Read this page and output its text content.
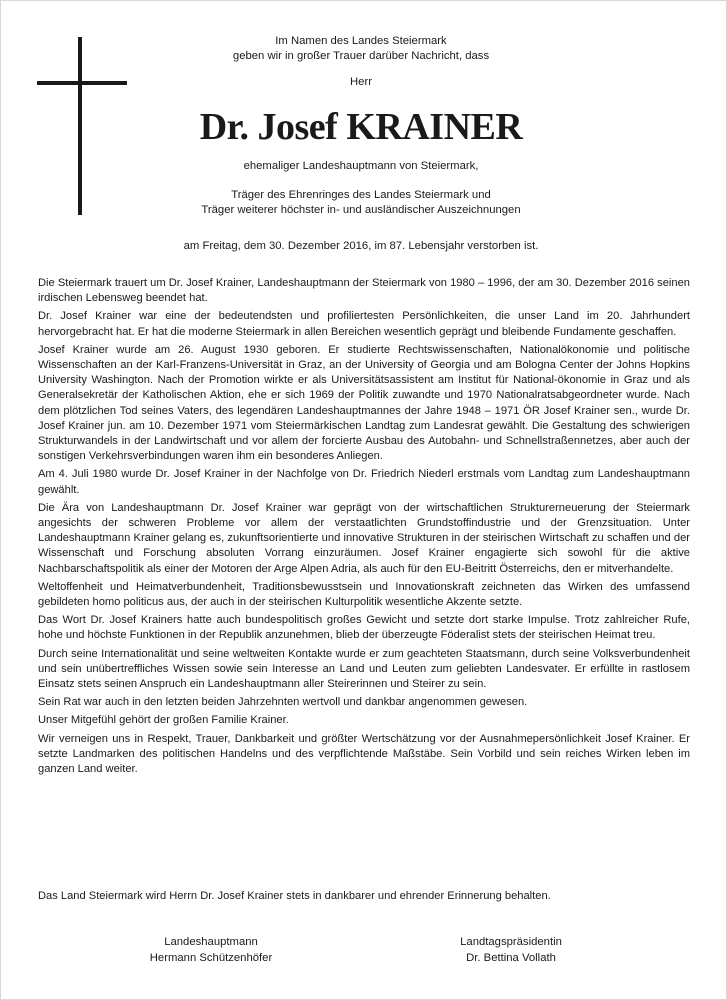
Im Namen des Landes Steiermark
geben wir in großer Trauer darüber Nachricht, dass
Herr
Dr. Josef KRAINER
ehemaliger Landeshauptmann von Steiermark,
Träger des Ehrenringes des Landes Steiermark und
Träger weiterer höchster in- und ausländischer Auszeichnungen
am Freitag, dem 30. Dezember 2016, im 87. Lebensjahr verstorben ist.

Die Steiermark trauert um Dr. Josef Krainer, Landeshauptmann der Steiermark von 1980 – 1996, der am 30. Dezember 2016 seinen irdischen Lebensweg beendet hat.

Dr. Josef Krainer war eine der bedeutendsten und profiliertesten Persönlichkeiten, die unser Land im 20. Jahrhundert hervorgebracht hat. Er hat die moderne Steiermark in allen Bereichen wesentlich geprägt und bleibende Fundamente geschaffen.

Josef Krainer wurde am 26. August 1930 geboren. Er studierte Rechtswissenschaften, Nationalökonomie und politische Wissenschaften an der Karl-Franzens-Universität in Graz, an der University of Georgia und am Bologna Center der Johns Hopkins University Washington. Nach der Promotion wirkte er als Universitätsassistent am Institut für National-ökonomie in Graz und als Generalsekretär der Katholischen Aktion, ehe er sich 1969 der Politik zuwandte und 1970 Nationalratsabgeordneter wurde. Nach dem plötzlichen Tod seines Vaters, des legendären Landeshauptmannes der Jahre 1948 – 1971 ÖR Josef Krainer sen., wurde Dr. Josef Krainer jun. am 10. Dezember 1971 vom Steiermärkischen Landtag zum Landesrat gewählt. Die Gestaltung des schwierigen Strukturwandels in der Landwirtschaft und vor allem der forcierte Ausbau des Autobahn- und Schnellstraßennetzes, aber auch der sonstigen Verkehrsverbindungen waren ihm ein besonderes Anliegen.

Am 4. Juli 1980 wurde Dr. Josef Krainer in der Nachfolge von Dr. Friedrich Niederl erstmals vom Landtag zum Landeshauptmann gewählt.

Die Ära von Landeshauptmann Dr. Josef Krainer war geprägt von der wirtschaftlichen Strukturerneuerung der Steiermark angesichts der schweren Probleme vor allem der verstaatlichten Grundstoffindustrie und der Grenzsituation. Unter Landeshauptmann Krainer gelang es, zukunftsorientierte und innovative Strukturen in der steirischen Wirtschaft zu schaffen und der Wissenschaft und Forschung absoluten Vorrang einzuräumen. Josef Krainer engagierte sich sowohl für die aktive Nachbarschaftspolitik als einer der Motoren der Arge Alpen Adria, als auch für den EU-Beitritt Österreichs, den er mitverhandelte.

Weltoffenheit und Heimatverbundenheit, Traditionsbewusstsein und Innovationskraft zeichneten das Wirken des umfassend gebildeten homo politicus aus, der auch in der steirischen Kulturpolitik wesentliche Akzente setzte.

Das Wort Dr. Josef Krainers hatte auch bundespolitisch großes Gewicht und setzte dort starke Impulse. Trotz zahlreicher Rufe, hohe und höchste Funktionen in der Republik anzunehmen, blieb der überzeugte Föderalist stets der steirischen Heimat treu.

Durch seine Internationalität und seine weltweiten Kontakte wurde er zum geachteten Staatsmann, durch seine Volksverbundenheit und sein unübertreffliches Wissen sowie sein Interesse an Land und Leuten zum geliebten Landesvater. Er erfüllte in rastlosem Einsatz stets seinen Anspruch ein Landeshauptmann aller Steirerinnen und Steirer zu sein.

Sein Rat war auch in den letzten beiden Jahrzehnten wertvoll und dankbar angenommen gewesen.

Unser Mitgefühl gehört der großen Familie Krainer.

Wir verneigen uns in Respekt, Trauer, Dankbarkeit und größter Wertschätzung vor der Ausnahmepersönlichkeit Josef Krainer. Er setzte Landmarken des politischen Handelns und des verpflichtende Maßstäbe. Sein Vorbild und sein reiches Wirken leben im ganzen Land weiter.

Das Land Steiermark wird Herrn Dr. Josef Krainer stets in dankbarer und ehrender Erinnerung behalten.
Landeshauptmann
Hermann Schützenhöfer
Landtagspräsidentin
Dr. Bettina Vollath
